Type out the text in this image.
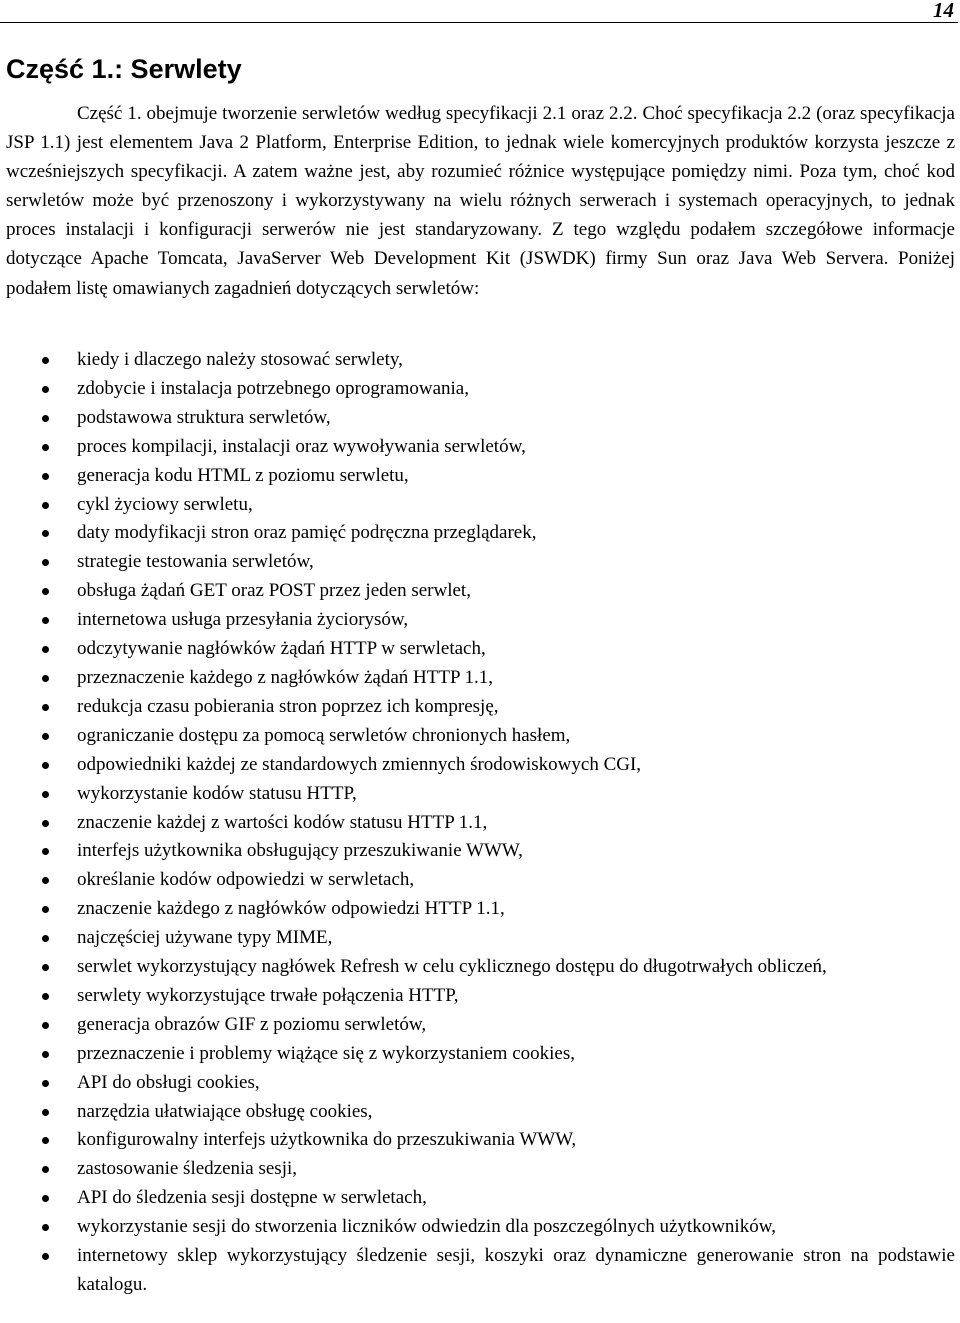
14
Część 1.: Serwlety

Część 1. obejmuje tworzenie serwletów według specyfikacji 2.1 oraz 2.2. Choć specyfikacja 2.2 (oraz specyfikacja JSP 1.1) jest elementem Java 2 Platform, Enterprise Edition, to jednak wiele komercyjnych produktów korzysta jeszcze z wcześniejszych specyfikacji. A zatem ważne jest, aby rozumieć różnice występujące pomiędzy nimi. Poza tym, choć kod serwletów może być przenoszony i wykorzystywany na wielu różnych serwerach i systemach operacyjnych, to jednak proces instalacji i konfiguracji serwerów nie jest standaryzowany. Z tego względu podałem szczegółowe informacje dotyczące Apache Tomcata, JavaServer Web Development Kit (JSWDK) firmy Sun oraz Java Web Servera. Poniżej podałem listę omawianych zagadnień dotyczących serwletów:

kiedy i dlaczego należy stosować serwlety,
zdobycie i instalacja potrzebnego oprogramowania,
podstawowa struktura serwletów,
proces kompilacji, instalacji oraz wywoływania serwletów,
generacja kodu HTML z poziomu serwletu,
cykl życiowy serwletu,
daty modyfikacji stron oraz pamięć podręczna przeglądarek,
strategie testowania serwletów,
obsługa żądań GET oraz POST przez jeden serwlet,
internetowa usługa przesyłania życiorysów,
odczytywanie nagłówków żądań HTTP w serwletach,
przeznaczenie każdego z nagłówków żądań HTTP 1.1,
redukcja czasu pobierania stron poprzez ich kompresję,
ograniczanie dostępu za pomocą serwletów chronionych hasłem,
odpowiedniki każdej ze standardowych zmiennych środowiskowych CGI,
wykorzystanie kodów statusu HTTP,
znaczenie każdej z wartości kodów statusu HTTP 1.1,
interfejs użytkownika obsługujący przeszukiwanie WWW,
określanie kodów odpowiedzi w serwletach,
znaczenie każdego z nagłówków odpowiedzi HTTP 1.1,
najczęściej używane typy MIME,
serwlet wykorzystujący nagłówek Refresh w celu cyklicznego dostępu do długotrwałych obliczeń,
serwlety wykorzystujące trwałe połączenia HTTP,
generacja obrazów GIF z poziomu serwletów,
przeznaczenie i problemy wiążące się z wykorzystaniem cookies,
API do obsługi cookies,
narzędzia ułatwiające obsługę cookies,
konfigurowalny interfejs użytkownika do przeszukiwania WWW,
zastosowanie śledzenia sesji,
API do śledzenia sesji dostępne w serwletach,
wykorzystanie sesji do stworzenia liczników odwiedzin dla poszczególnych użytkowników,
internetowy sklep wykorzystujący śledzenie sesji, koszyki oraz dynamiczne generowanie stron na podstawie katalogu.
